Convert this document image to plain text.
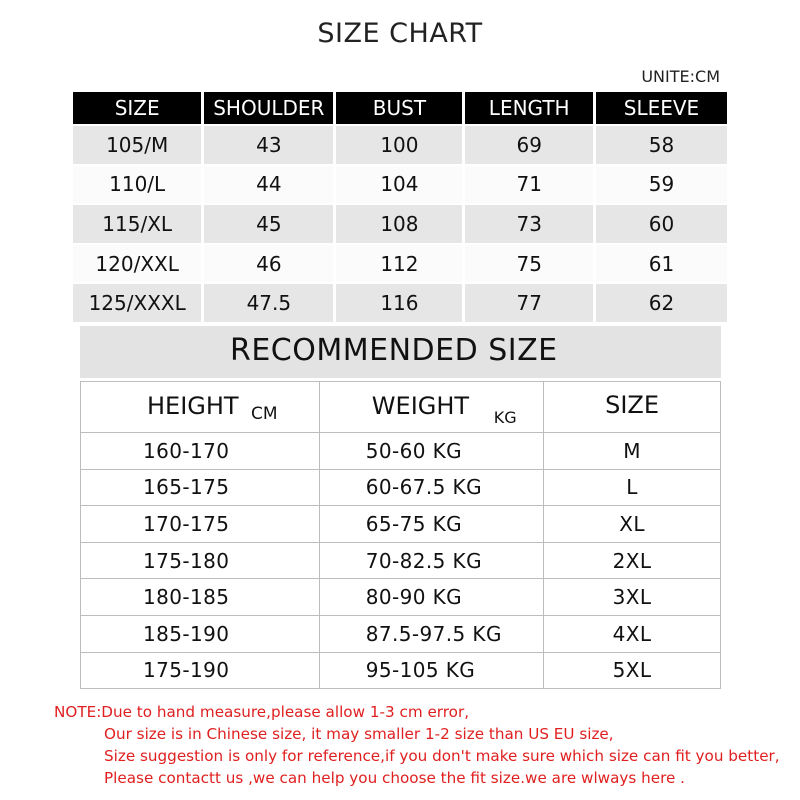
SIZE CHART
UNITE:CM
SIZE	SHOULDER	BUST	LENGTH	SLEEVE
105/M	43	100	69	58
110/L	44	104	71	59
115/XL	45	108	73	60
120/XXL	46	112	75	61
125/XXXL	47.5	116	77	62
RECOMMENDED SIZE
HEIGHT CM	WEIGHT KG	SIZE

160-170	50-60 KG	M
165-175	60-67.5 KG	L
170-175	65-75 KG	XL
175-180	70-82.5 KG	2XL
180-185	80-90 KG	3XL
185-190	87.5-97.5 KG	4XL
175-190	95-105 KG	5XL
NOTE:Due to hand measure,please allow 1-3 cm error,
Our size is in Chinese size, it may smaller 1-2 size than US EU size,
Size suggestion is only for reference,if you don't make sure which size can fit you better,
Please contactt us ,we can help you choose the fit size.we are wlways here .
